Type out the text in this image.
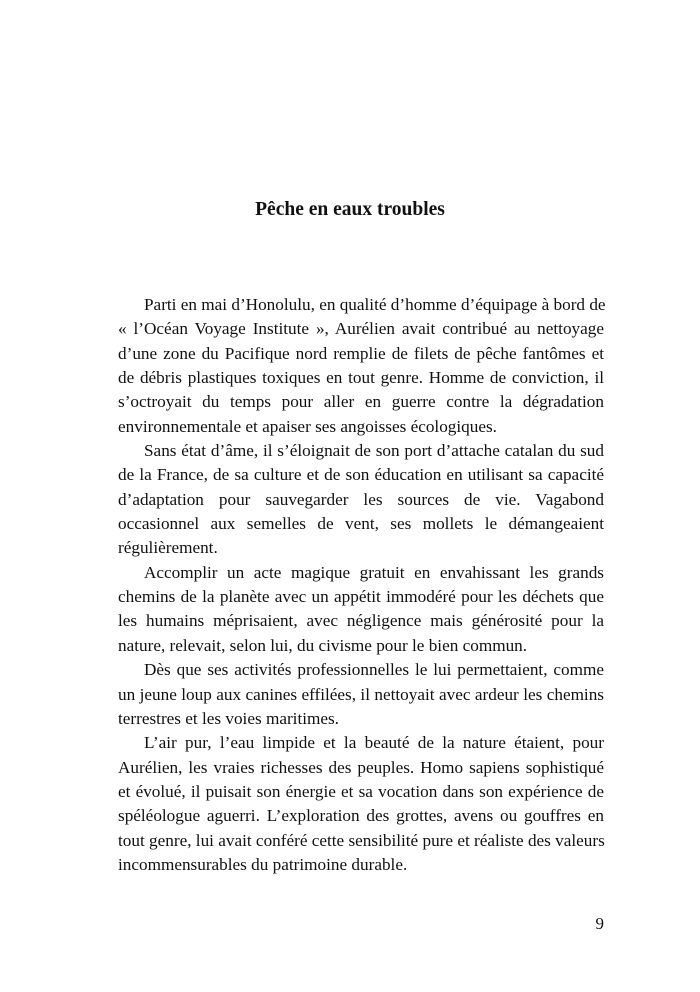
Pêche en eaux troubles
Parti en mai d’Honolulu, en qualité d’homme d’équipage à bord de
« l’Océan Voyage Institute », Aurélien avait contribué au nettoyage
d’une zone du Pacifique nord remplie de filets de pêche fantômes et
de débris plastiques toxiques en tout genre. Homme de conviction, il
s’octroyait du temps pour aller en guerre contre la dégradation
environnementale et apaiser ses angoisses écologiques.
Sans état d’âme, il s’éloignait de son port d’attache catalan du sud
de la France, de sa culture et de son éducation en utilisant sa capacité
d’adaptation pour sauvegarder les sources de vie. Vagabond
occasionnel aux semelles de vent, ses mollets le démangeaient
régulièrement.
Accomplir un acte magique gratuit en envahissant les grands
chemins de la planète avec un appétit immodéré pour les déchets que
les humains méprisaient, avec négligence mais générosité pour la
nature, relevait, selon lui, du civisme pour le bien commun.
Dès que ses activités professionnelles le lui permettaient, comme
un jeune loup aux canines effilées, il nettoyait avec ardeur les chemins
terrestres et les voies maritimes.
L’air pur, l’eau limpide et la beauté de la nature étaient, pour
Aurélien, les vraies richesses des peuples. Homo sapiens sophistiqué
et évolué, il puisait son énergie et sa vocation dans son expérience de
spéléologue aguerri. L’exploration des grottes, avens ou gouffres en
tout genre, lui avait conféré cette sensibilité pure et réaliste des valeurs
incommensurables du patrimoine durable.
9
